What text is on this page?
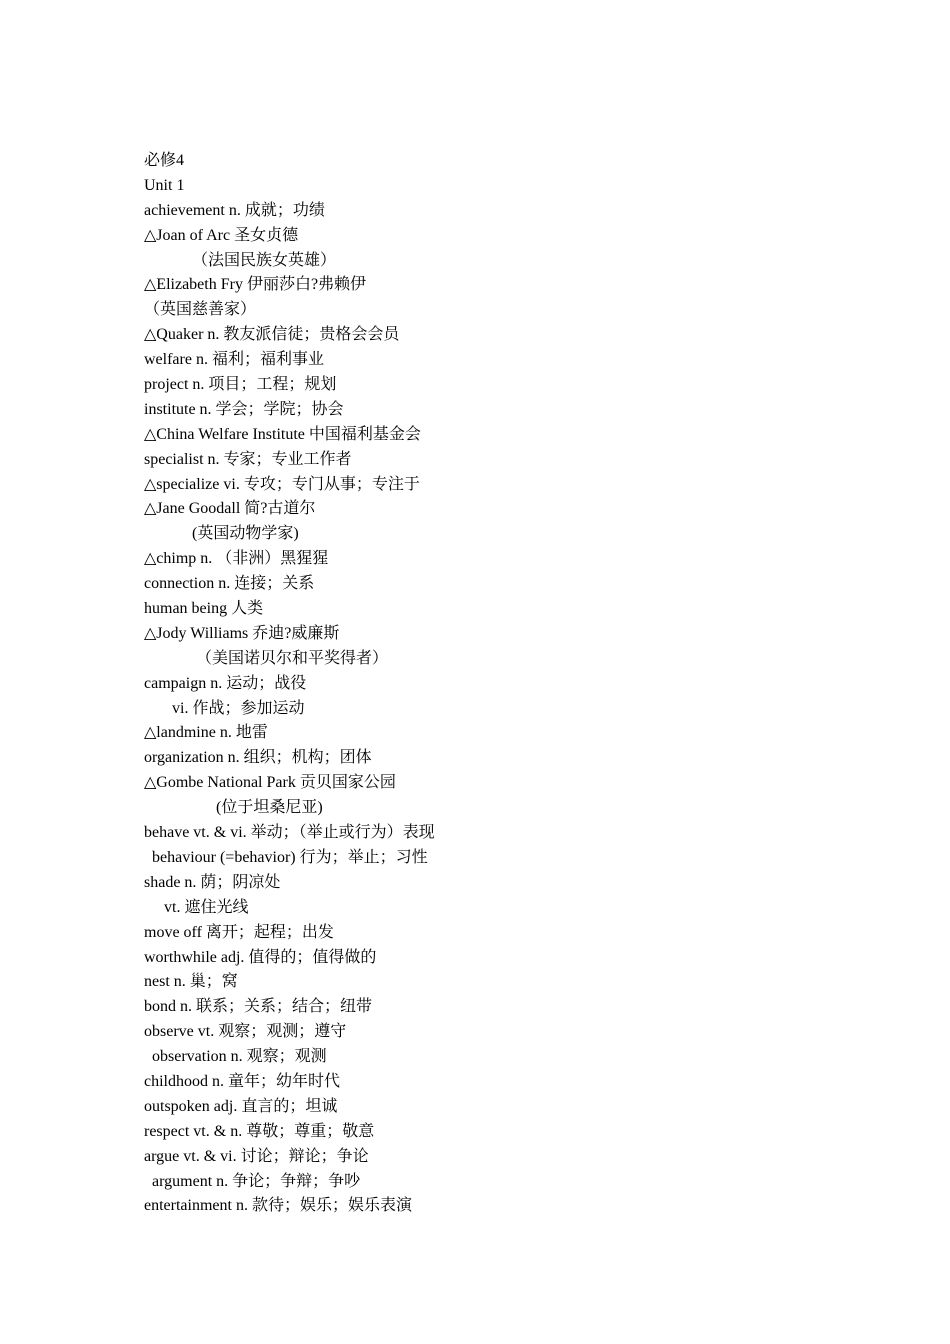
必修4
Unit 1
achievement n. 成就；功绩
△Joan of Arc 圣女贞德
（法国民族女英雄）
△Elizabeth Fry 伊丽莎白?弗赖伊
（英国慈善家）
△Quaker n. 教友派信徒；贵格会会员
welfare n. 福利；福利事业
project n. 项目；工程；规划
institute n. 学会；学院；协会
△China Welfare Institute 中国福利基金会
specialist n. 专家；专业工作者
△specialize vi. 专攻；专门从事；专注于
△Jane Goodall 简?古道尔
(英国动物学家)
△chimp n. （非洲）黑猩猩
connection n. 连接；关系
human being 人类
△Jody Williams 乔迪?威廉斯
（美国诺贝尔和平奖得者）
campaign n. 运动；战役
vi. 作战；参加运动
△landmine n. 地雷
organization n. 组织；机构；团体
△Gombe National Park 贡贝国家公园
(位于坦桑尼亚)
behave vt. & vi. 举动；（举止或行为）表现
behaviour (=behavior) 行为；举止；习性
shade n. 荫；阴凉处
vt. 遮住光线
move off 离开；起程；出发
worthwhile adj. 值得的；值得做的
nest n. 巢；窝
bond n. 联系；关系；结合；纽带
observe vt. 观察；观测；遵守
observation n. 观察；观测
childhood n. 童年；幼年时代
outspoken adj. 直言的；坦诚
respect vt. & n. 尊敬；尊重；敬意
argue vt. & vi. 讨论；辩论；争论
argument n. 争论；争辩；争吵
entertainment n. 款待；娱乐；娱乐表演
